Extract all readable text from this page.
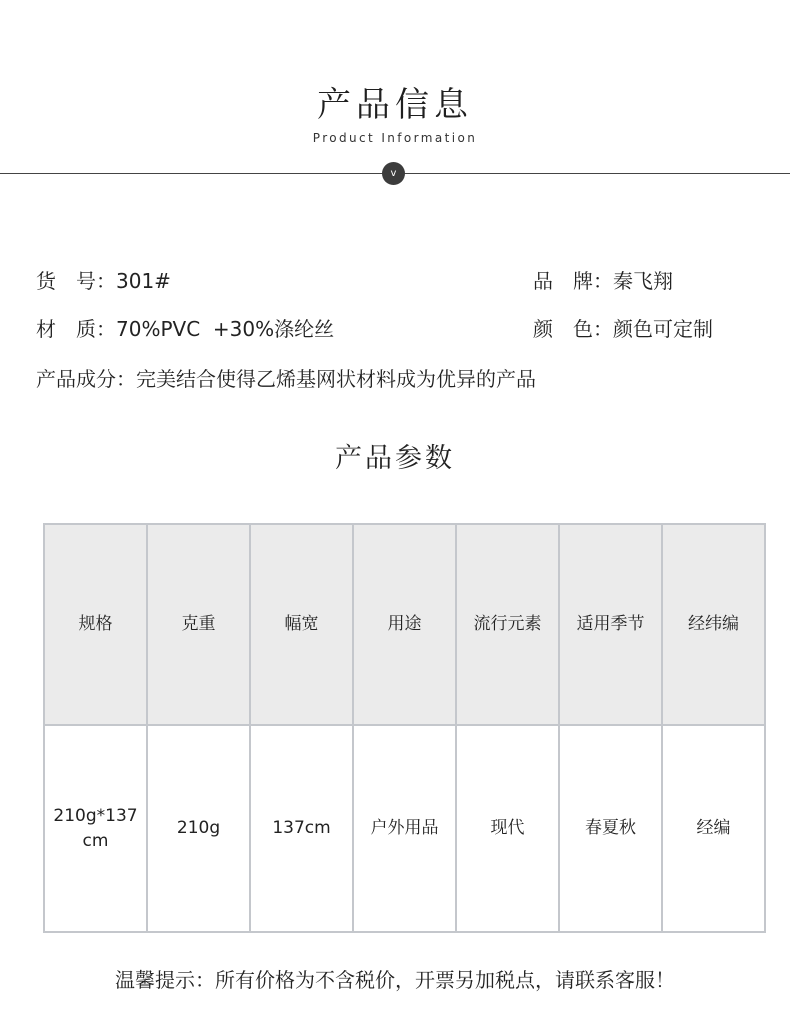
产品信息
Product Information
v
货　号：301#	品　牌：秦飞翔
材　质：70%PVC  +30%涤纶丝	颜　色：颜色可定制
产品成分：完美结合使得乙烯基网状材料成为优异的产品
产品参数
规格	克重	幅宽	用途	流行元素	适用季节	经纬编
210g*137
cm	210g	137cm	户外用品	现代	春夏秋	经编
温馨提示：所有价格为不含税价，开票另加税点，请联系客服！
